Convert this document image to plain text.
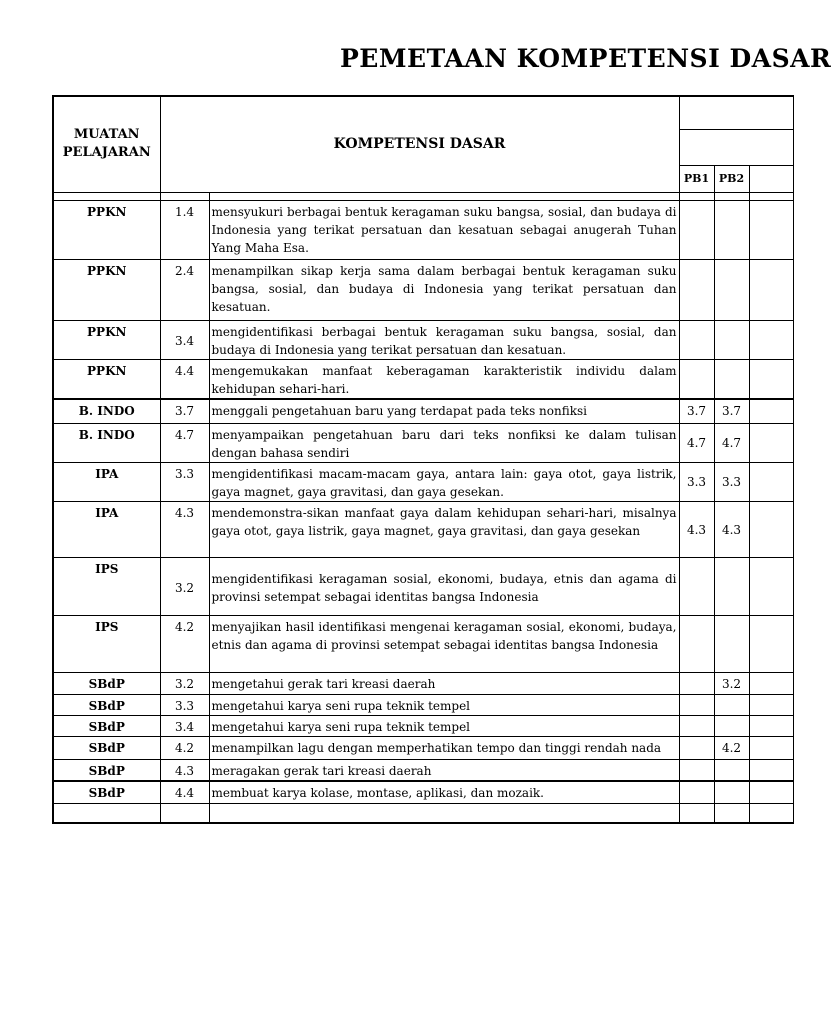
PEMETAAN KOMPETENSI DASAR
MUATAN PELAJARAN	KOMPETENSI DASAR				

			PB1	PB2	

PPKN	1.4	mensyukuri berbagai bentuk keragaman suku bangsa, sosial, dan budaya di Indonesia yang terikat persatuan dan kesatuan sebagai anugerah Tuhan Yang Maha Esa.			
PPKN	2.4	menampilkan sikap kerja sama dalam berbagai bentuk keragaman suku bangsa, sosial, dan budaya di Indonesia yang terikat persatuan dan kesatuan.			
PPKN	3.4	mengidentifikasi berbagai bentuk keragaman suku bangsa, sosial, dan budaya di Indonesia yang terikat persatuan dan kesatuan.			
PPKN	4.4	mengemukakan manfaat keberagaman karakteristik individu dalam kehidupan sehari-hari.			
B. INDO	3.7	menggali pengetahuan baru yang terdapat pada teks nonfiksi	3.7	3.7	
B. INDO	4.7	menyampaikan pengetahuan baru dari teks nonfiksi ke dalam tulisan dengan bahasa sendiri	4.7	4.7	
IPA	3.3	mengidentifikasi macam-macam gaya, antara lain: gaya otot, gaya listrik, gaya magnet, gaya gravitasi, dan gaya gesekan.	3.3	3.3	
IPA	4.3	mendemonstra-sikan manfaat gaya dalam kehidupan sehari-hari, misalnya gaya otot, gaya listrik, gaya magnet, gaya gravitasi, dan gaya gesekan	4.3	4.3	
IPS	3.2	mengidentifikasi keragaman sosial, ekonomi, budaya, etnis dan agama di provinsi setempat sebagai identitas bangsa Indonesia			
IPS	4.2	menyajikan hasil identifikasi mengenai keragaman sosial, ekonomi, budaya, etnis dan agama di provinsi setempat sebagai identitas bangsa Indonesia			
SBdP	3.2	mengetahui gerak tari kreasi daerah		3.2	
SBdP	3.3	mengetahui karya seni rupa teknik tempel			
SBdP	3.4	mengetahui karya seni rupa teknik tempel			
SBdP	4.2	menampilkan lagu dengan memperhatikan tempo dan tinggi rendah nada		4.2	
SBdP	4.3	meragakan gerak tari kreasi daerah			
SBdP	4.4	membuat karya kolase, montase, aplikasi, dan mozaik.			
